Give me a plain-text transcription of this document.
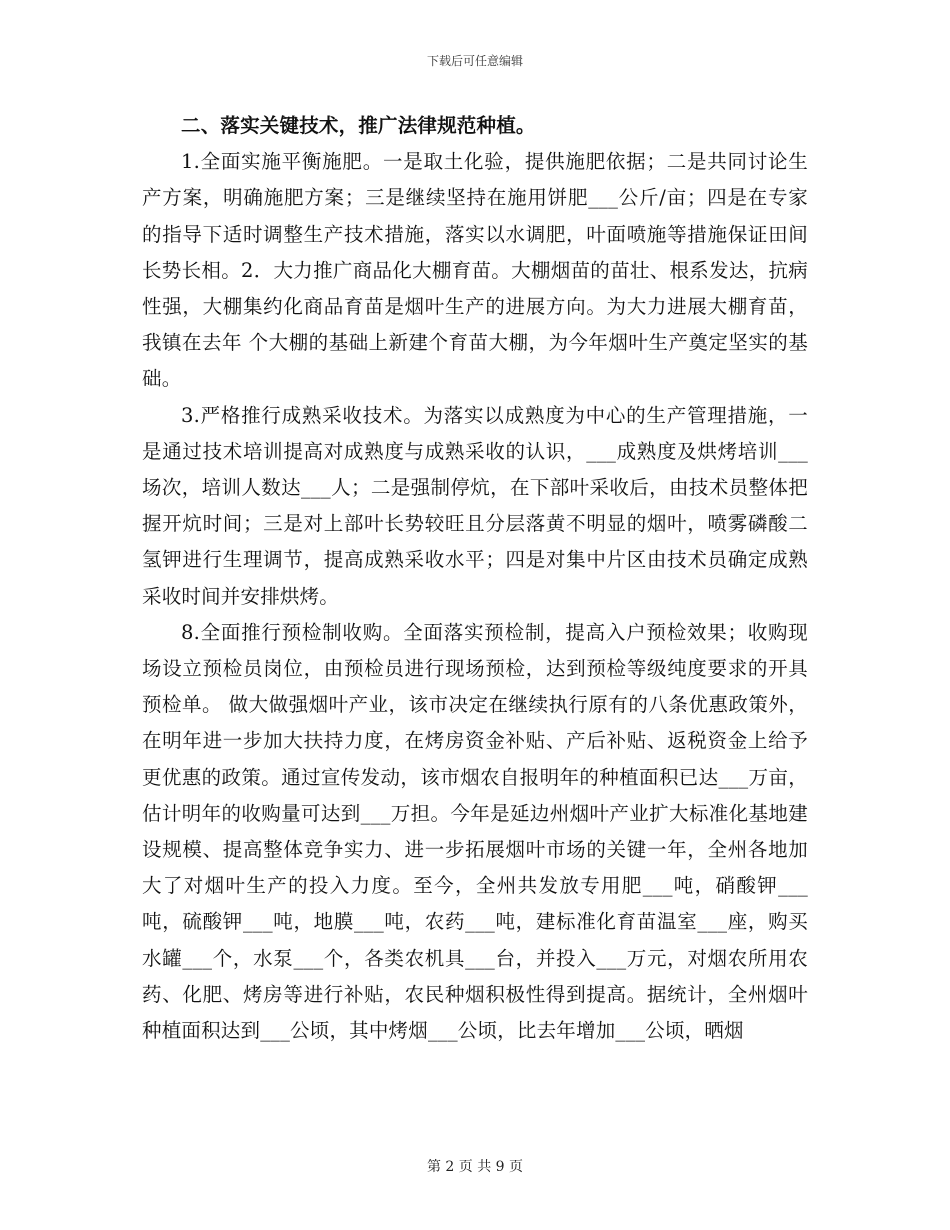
下载后可任意编辑

二、落实关键技术，推广法律规范种植。

1.全面实施平衡施肥。一是取土化验，提供施肥依据；二是共同讨论生产方案，明确施肥方案；三是继续坚持在施用饼肥___公斤/亩；四是在专家的指导下适时调整生产技术措施，落实以水调肥，叶面喷施等措施保证田间长势长相。2．大力推广商品化大棚育苗。大棚烟苗的苗壮、根系发达，抗病性强，大棚集约化商品育苗是烟叶生产的进展方向。为大力进展大棚育苗，我镇在去年 个大棚的基础上新建个育苗大棚，为今年烟叶生产奠定坚实的基础。

3.严格推行成熟采收技术。为落实以成熟度为中心的生产管理措施，一是通过技术培训提高对成熟度与成熟采收的认识，___成熟度及烘烤培训___场次，培训人数达___人；二是强制停炕，在下部叶采收后，由技术员整体把握开炕时间；三是对上部叶长势较旺且分层落黄不明显的烟叶，喷雾磷酸二氢钾进行生理调节，提高成熟采收水平；四是对集中片区由技术员确定成熟采收时间并安排烘烤。

8.全面推行预检制收购。全面落实预检制，提高入户预检效果；收购现场设立预检员岗位，由预检员进行现场预检，达到预检等级纯度要求的开具预检单。 做大做强烟叶产业，该市决定在继续执行原有的八条优惠政策外，在明年进一步加大扶持力度，在烤房资金补贴、产后补贴、返税资金上给予更优惠的政策。通过宣传发动，该市烟农自报明年的种植面积已达___万亩，估计明年的收购量可达到___万担。今年是延边州烟叶产业扩大标准化基地建设规模、提高整体竞争实力、进一步拓展烟叶市场的关键一年，全州各地加大了对烟叶生产的投入力度。至今，全州共发放专用肥___吨，硝酸钾___吨，硫酸钾___吨，地膜___吨，农药___吨，建标准化育苗温室___座，购买水罐___个，水泵___个，各类农机具___台，并投入___万元，对烟农所用农药、化肥、烤房等进行补贴，农民种烟积极性得到提高。据统计，全州烟叶种植面积达到___公顷，其中烤烟___公顷，比去年增加___公顷，晒烟

第 2 页 共 9 页
